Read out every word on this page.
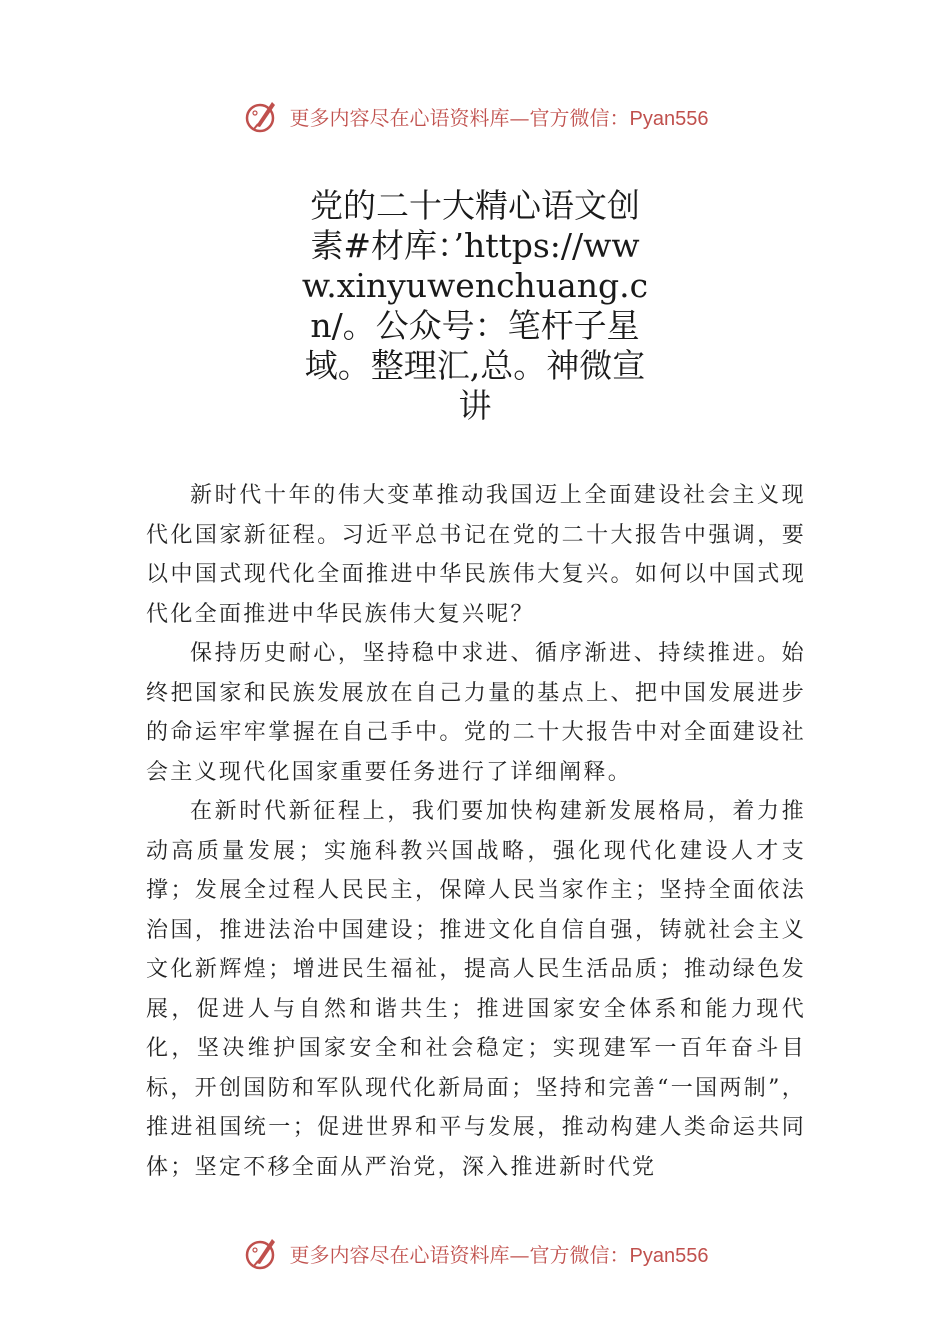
更多内容尽在心语资料库—官方微信：Pyan556
党的二十大精心语文创素#材库：’https://www.xinyuwenchuang.cn/。公众号：笔杆子星域。整理汇,总。神微宣讲

新时代十年的伟大变革推动我国迈上全面建设社会主义现代化国家新征程。习近平总书记在党的二十大报告中强调，要以中国式现代化全面推进中华民族伟大复兴。如何以中国式现代化全面推进中华民族伟大复兴呢？

保持历史耐心，坚持稳中求进、循序渐进、持续推进。始终把国家和民族发展放在自己力量的基点上、把中国发展进步的命运牢牢掌握在自己手中。党的二十大报告中对全面建设社会主义现代化国家重要任务进行了详细阐释。

在新时代新征程上，我们要加快构建新发展格局，着力推动高质量发展；实施科教兴国战略，强化现代化建设人才支撑；发展全过程人民民主，保障人民当家作主；坚持全面依法治国，推进法治中国建设；推进文化自信自强，铸就社会主义文化新辉煌；增进民生福祉，提高人民生活品质；推动绿色发展，促进人与自然和谐共生；推进国家安全体系和能力现代化，坚决维护国家安全和社会稳定；实现建军一百年奋斗目标，开创国防和军队现代化新局面；坚持和完善“一国两制”，推进祖国统一；促进世界和平与发展，推动构建人类命运共同体；坚定不移全面从严治党，深入推进新时代党

更多内容尽在心语资料库—官方微信：Pyan556
